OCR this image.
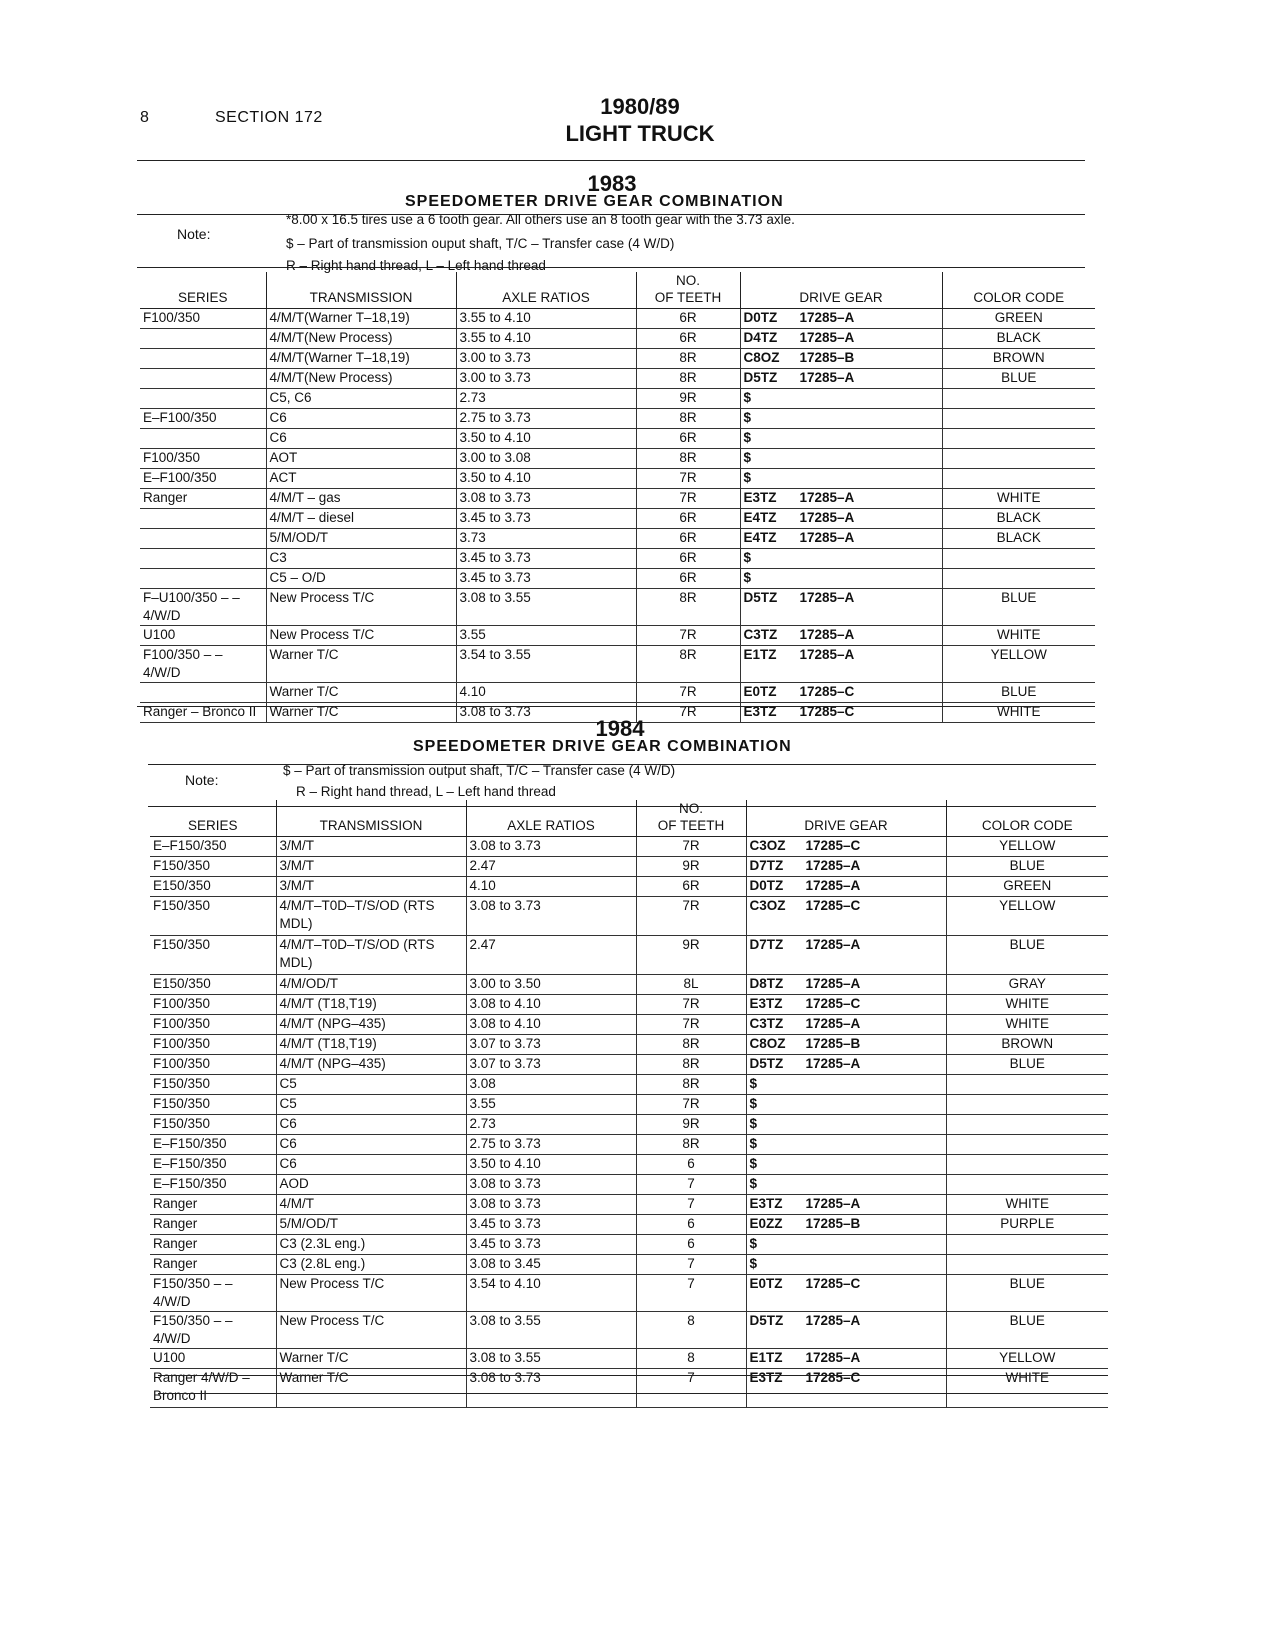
8	SECTION 172	1980/89
LIGHT TRUCK
1983
SPEEDOMETER DRIVE GEAR COMBINATION
Note:
*8.00 x 16.5 tires use a 6 tooth gear. All others use an 8 tooth gear with the 3.73 axle.
$ – Part of transmission ouput shaft, T/C – Transfer case (4 W/D)
R – Right hand thread, L – Left hand thread
SERIES	TRANSMISSION	AXLE RATIOS	NO.
OF TEETH	DRIVE GEAR	COLOR CODE
F100/350	4/M/T(Warner T–18,19)	3.55 to 4.10	6R	D0TZ 17285–A	GREEN
	4/M/T(New Process)	3.55 to 4.10	6R	D4TZ 17285–A	BLACK
	4/M/T(Warner T–18,19)	3.00 to 3.73	8R	C8OZ 17285–B	BROWN
	4/M/T(New Process)	3.00 to 3.73	8R	D5TZ 17285–A	BLUE
	C5, C6	2.73	9R	$	
E–F100/350	C6	2.75 to 3.73	8R	$	
	C6	3.50 to 4.10	6R	$	
F100/350	AOT	3.00 to 3.08	8R	$	
E–F100/350	ACT	3.50 to 4.10	7R	$	
Ranger	4/M/T – gas	3.08 to 3.73	7R	E3TZ 17285–A	WHITE
	4/M/T – diesel	3.45 to 3.73	6R	E4TZ 17285–A	BLACK
	5/M/OD/T	3.73	6R	E4TZ 17285–A	BLACK
	C3	3.45 to 3.73	6R	$	
	C5 – O/D	3.45 to 3.73	6R	$	
F–U100/350 – – 4/W/D	New Process T/C	3.08 to 3.55	8R	D5TZ 17285–A	BLUE
U100	New Process T/C	3.55	7R	C3TZ 17285–A	WHITE
F100/350 – – 4/W/D	Warner T/C	3.54 to 3.55	8R	E1TZ 17285–A	YELLOW
	Warner T/C	4.10	7R	E0TZ 17285–C	BLUE
Ranger – Bronco II	Warner T/C	3.08 to 3.73	7R	E3TZ 17285–C	WHITE
1984
SPEEDOMETER DRIVE GEAR COMBINATION
Note:
$ – Part of transmission output shaft, T/C – Transfer case (4 W/D)
R – Right hand thread, L – Left hand thread
SERIES	TRANSMISSION	AXLE RATIOS	NO.
OF TEETH	DRIVE GEAR	COLOR CODE
E–F150/350	3/M/T	3.08 to 3.73	7R	C3OZ 17285–C	YELLOW
F150/350	3/M/T	2.47	9R	D7TZ 17285–A	BLUE
E150/350	3/M/T	4.10	6R	D0TZ 17285–A	GREEN
F150/350	4/M/T–T0D–T/S/OD (RTS MDL)	3.08 to 3.73	7R	C3OZ 17285–C	YELLOW
F150/350	4/M/T–T0D–T/S/OD (RTS MDL)	2.47	9R	D7TZ 17285–A	BLUE
E150/350	4/M/OD/T	3.00 to 3.50	8L	D8TZ 17285–A	GRAY
F100/350	4/M/T (T18,T19)	3.08 to 4.10	7R	E3TZ 17285–C	WHITE
F100/350	4/M/T (NPG–435)	3.08 to 4.10	7R	C3TZ 17285–A	WHITE
F100/350	4/M/T (T18,T19)	3.07 to 3.73	8R	C8OZ 17285–B	BROWN
F100/350	4/M/T (NPG–435)	3.07 to 3.73	8R	D5TZ 17285–A	BLUE
F150/350	C5	3.08	8R	$	
F150/350	C5	3.55	7R	$	
F150/350	C6	2.73	9R	$	
E–F150/350	C6	2.75 to 3.73	8R	$	
E–F150/350	C6	3.50 to 4.10	6	$	
E–F150/350	AOD	3.08 to 3.73	7	$	
Ranger	4/M/T	3.08 to 3.73	7	E3TZ 17285–A	WHITE
Ranger	5/M/OD/T	3.45 to 3.73	6	E0ZZ 17285–B	PURPLE
Ranger	C3 (2.3L eng.)	3.45 to 3.73	6	$	
Ranger	C3 (2.8L eng.)	3.08 to 3.45	7	$	
F150/350 – – 4/W/D	New Process T/C	3.54 to 4.10	7	E0TZ 17285–C	BLUE
F150/350 – – 4/W/D	New Process T/C	3.08 to 3.55	8	D5TZ 17285–A	BLUE
U100	Warner T/C	3.08 to 3.55	8	E1TZ 17285–A	YELLOW
Ranger 4/W/D – Bronco II	Warner T/C	3.08 to 3.73	7	E3TZ 17285–C	WHITE
